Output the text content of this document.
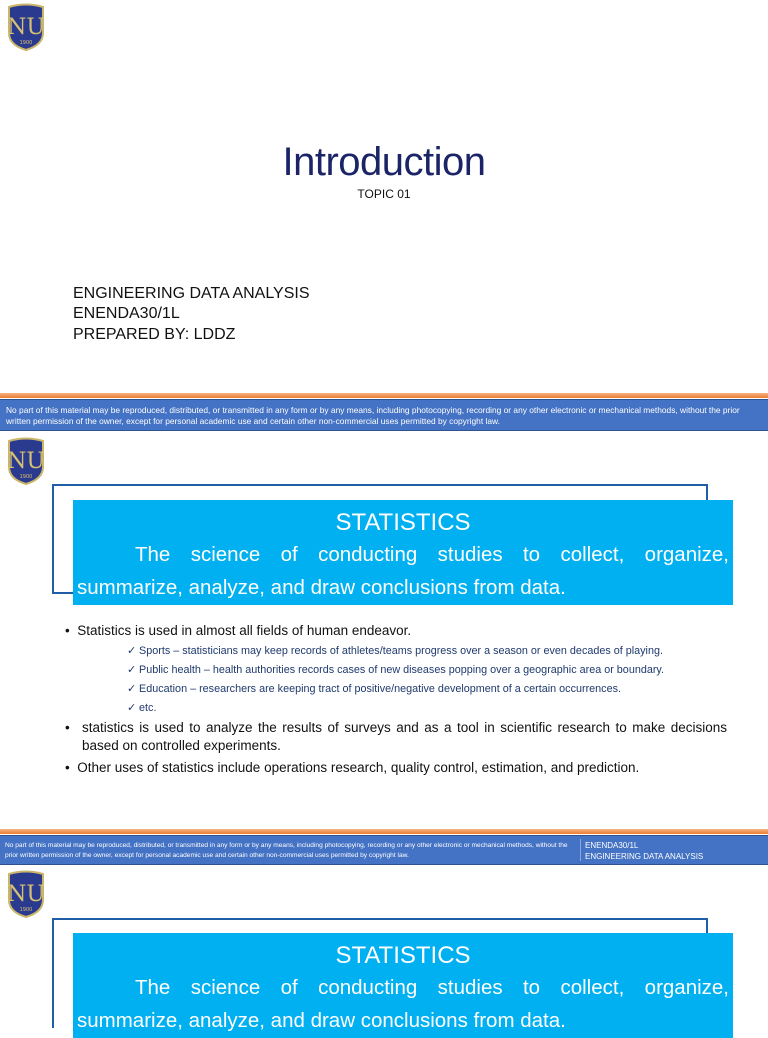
NU
1900
Introduction
TOPIC 01
ENGINEERING DATA ANALYSIS
ENENDA30/1L
PREPARED BY: LDDZ
No part of this material may be reproduced, distributed, or transmitted in any form or by any means, including photocopying, recording or any other electronic or mechanical methods, without the prior written permission of the owner, except for personal academic use and certain other non-commercial uses permitted by copyright law.
NU
1900
STATISTICS
The science of conducting studies to collect, organize, summarize, analyze, and draw conclusions from data.
•  Statistics is used in almost all fields of human endeavor.
✓ Sports – statisticians may keep records of athletes/teams progress over a season or even decades of playing.
✓ Public health – health authorities records cases of new diseases popping over a geographic area or boundary.
✓ Education – researchers are keeping tract of positive/negative development of a certain occurrences.
✓ etc.
• statistics is used to analyze the results of surveys and as a tool in scientific research to make decisions based on controlled experiments.
•  Other uses of statistics include operations research, quality control, estimation, and prediction.
No part of this material may be reproduced, distributed, or transmitted in any form or by any means, including photocopying, recording or any other electronic or mechanical methods, without the prior written permission of the owner, except for personal academic use and certain other non-commercial uses permitted by copyright law.
ENENDA30/1L
ENGINEERING DATA ANALYSIS
NU
1900
STATISTICS
The science of conducting studies to collect, organize, summarize, analyze, and draw conclusions from data.
